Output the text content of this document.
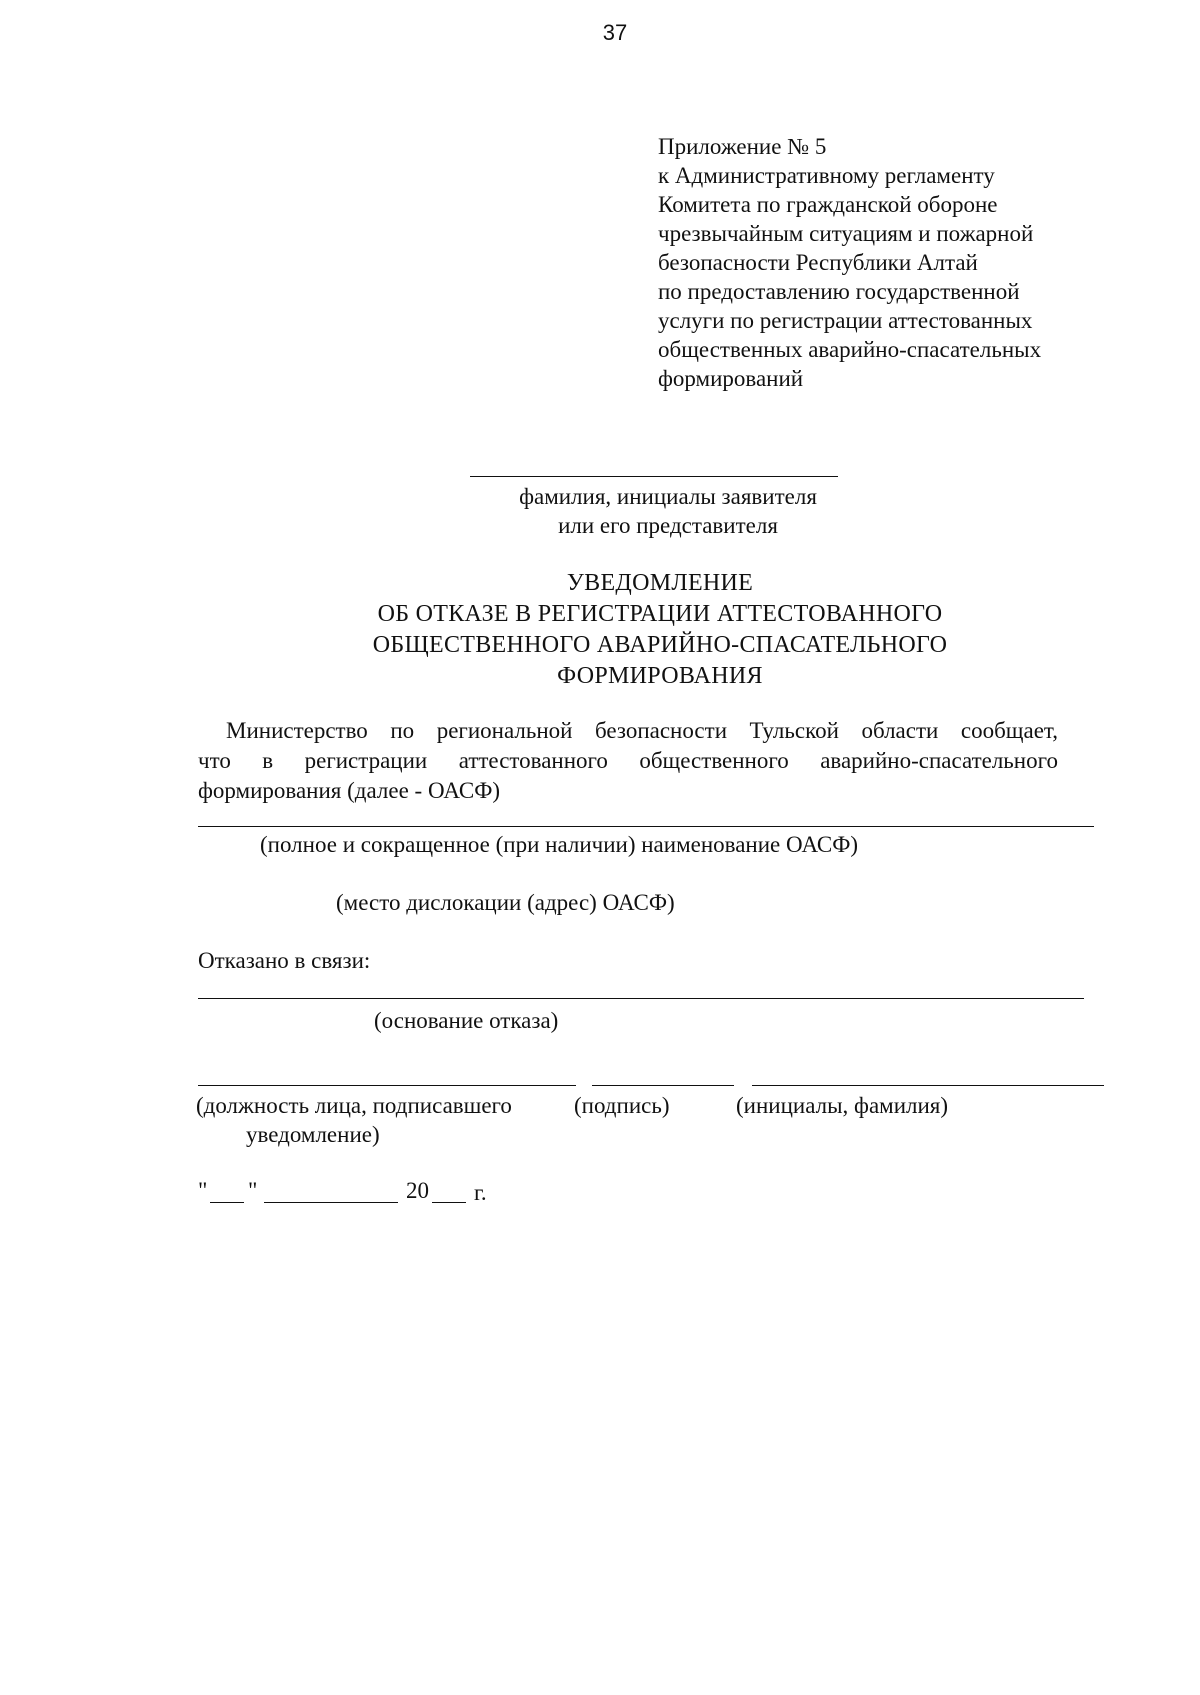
37
Приложение № 5
к Административному регламенту
Комитета по гражданской обороне
чрезвычайным ситуациям и пожарной
безопасности Республики Алтай
по предоставлению государственной
услуги по регистрации аттестованных
общественных аварийно-спасательных
формирований
фамилия, инициалы заявителя
или его представителя
УВЕДОМЛЕНИЕ
ОБ ОТКАЗЕ В РЕГИСТРАЦИИ АТТЕСТОВАННОГО
ОБЩЕСТВЕННОГО АВАРИЙНО-СПАСАТЕЛЬНОГО
ФОРМИРОВАНИЯ
Министерство по региональной безопасности Тульской области сообщает,
что в регистрации аттестованного общественного аварийно-спасательного
формирования (далее - ОАСФ)
(полное и сокращенное (при наличии) наименование ОАСФ)
(место дислокации (адрес) ОАСФ)
Отказано в связи:
(основание отказа)
(должность лица, подписавшего
уведомление)
(подпись)	(инициалы, фамилия)
" "	20 г.
